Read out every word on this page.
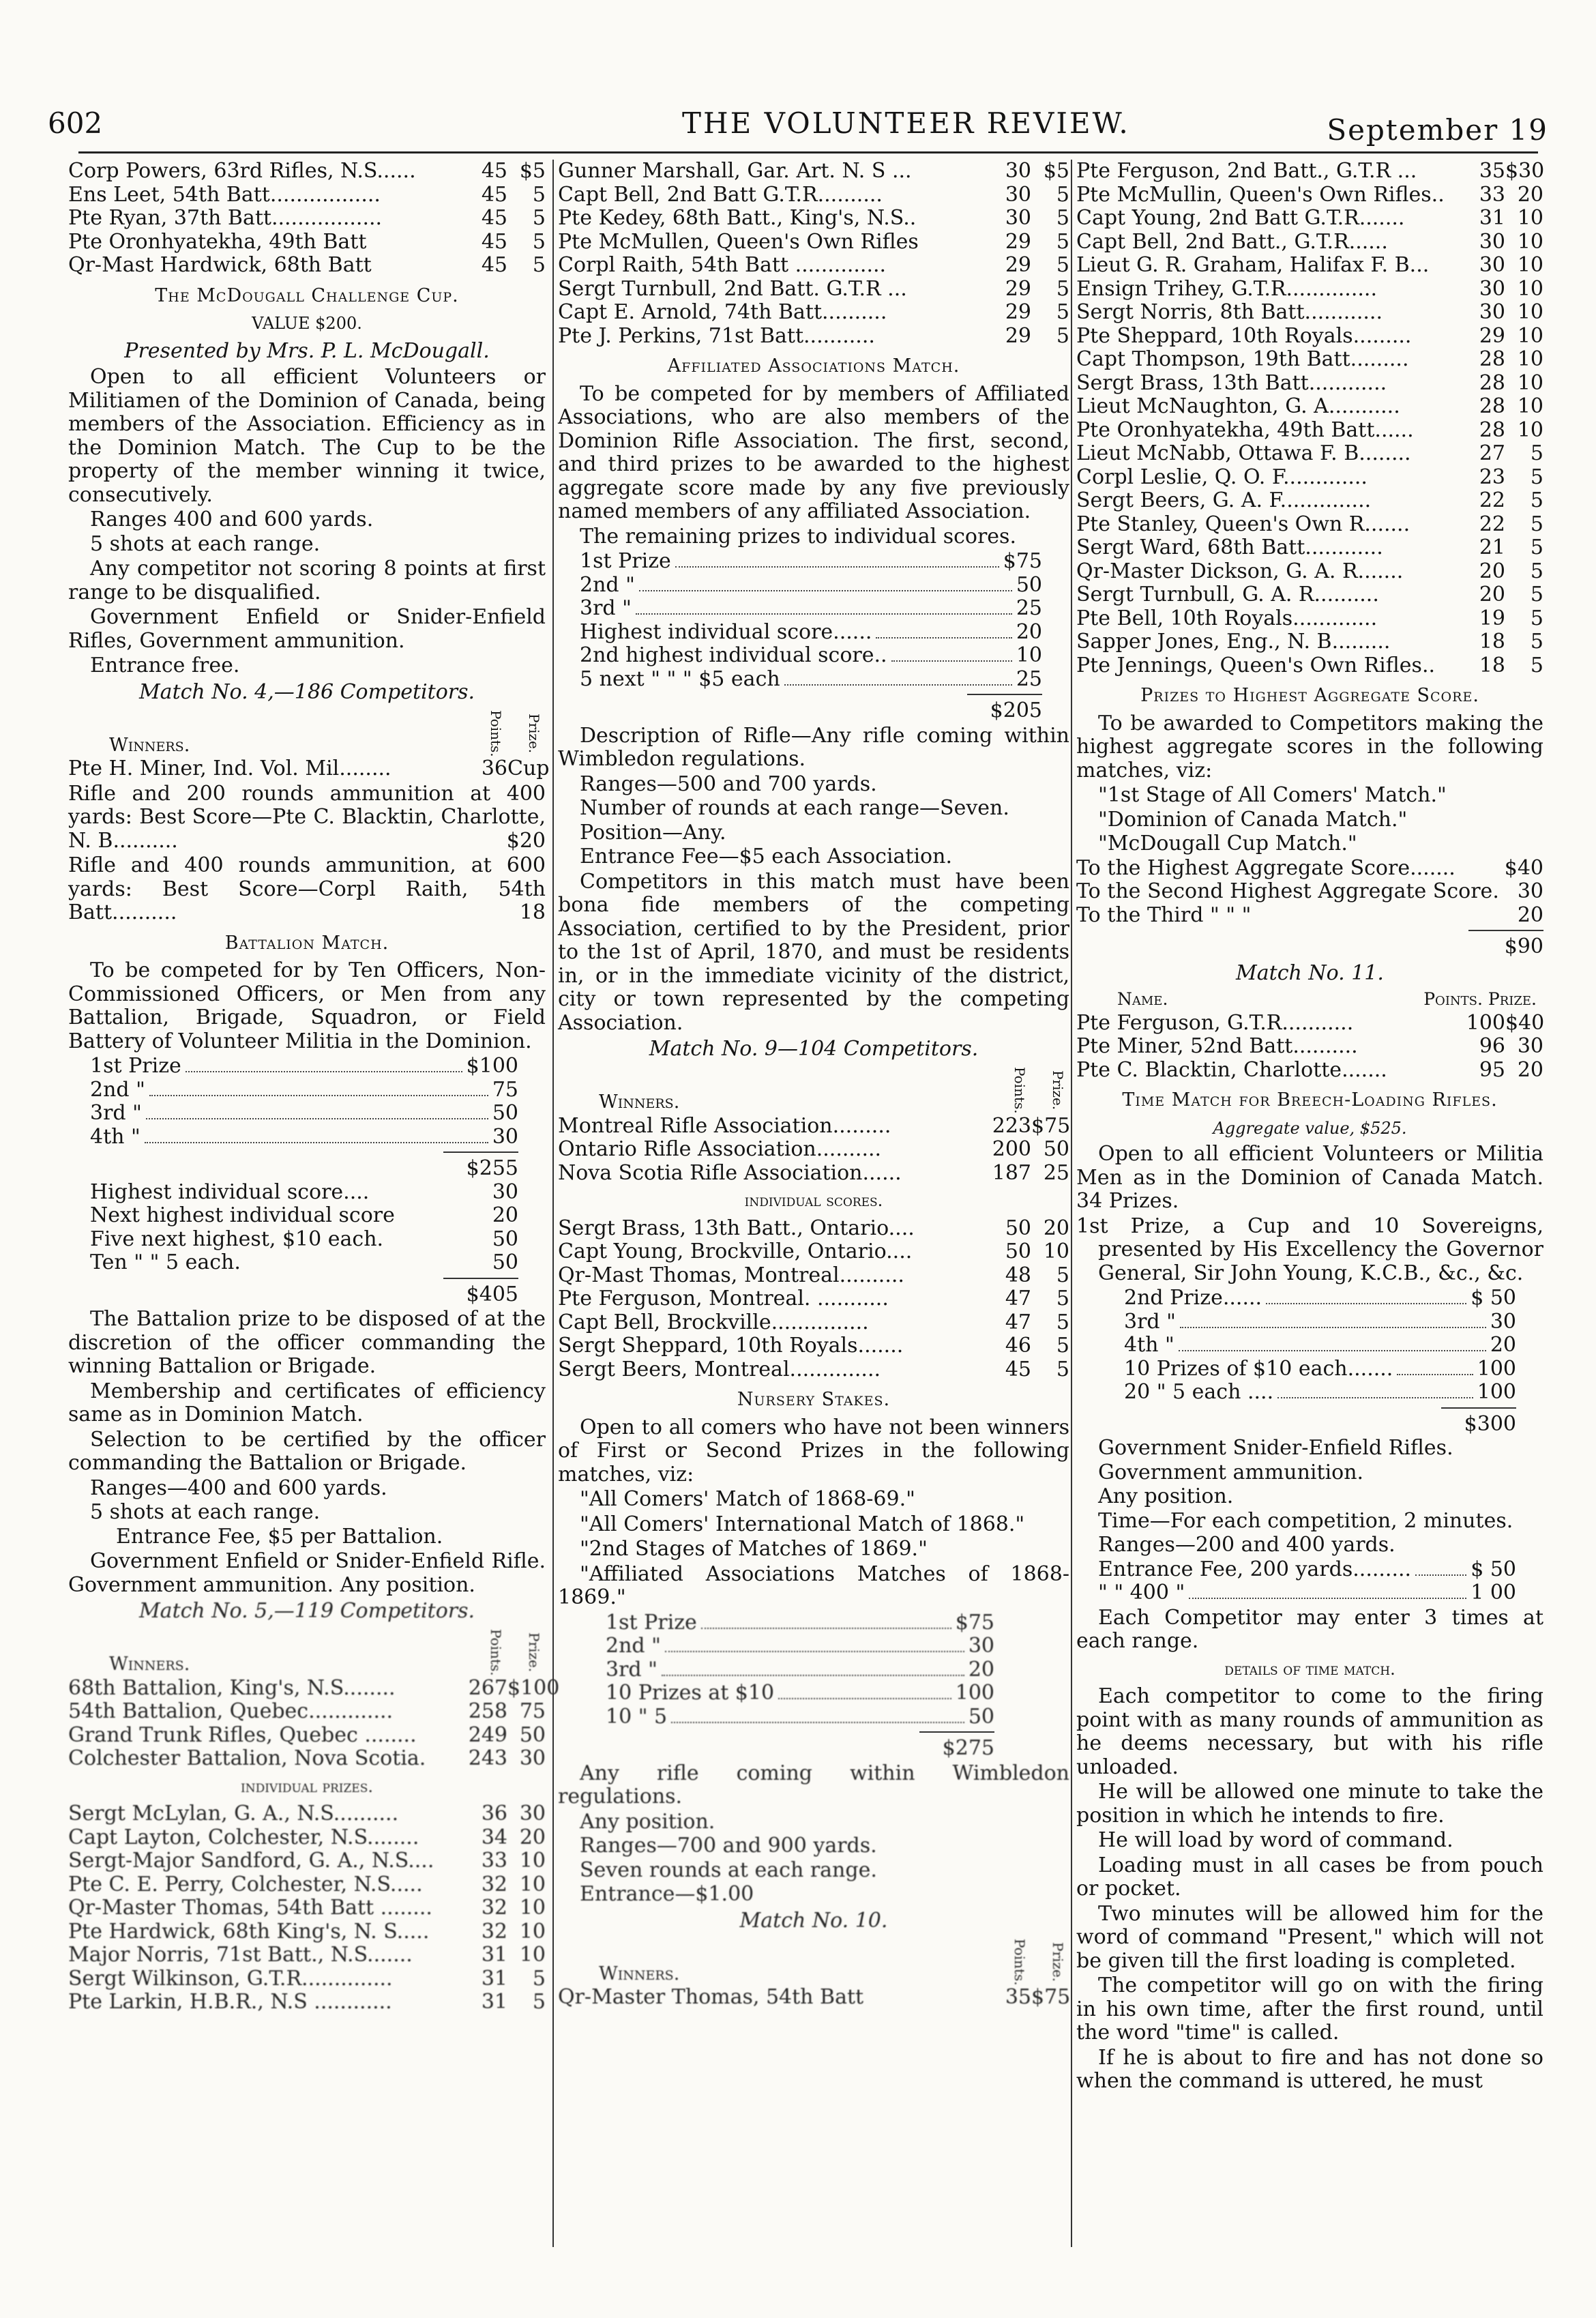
602	THE VOLUNTEER REVIEW.	September 19
Corp Powers, 63rd Rifles, N.S......	45 $5
Ens Leet, 54th Batt.................	45	5
Pte Ryan, 37th Batt.................	45	5
Pte Oronhyatekha, 49th Batt	45	5
Qr-Mast Hardwick, 68th Batt	45	5
The McDougall Challenge Cup.
VALUE $200.
Presented by Mrs. P. L. McDougall.
Open to all efficient Volunteers or Militiamen of the Dominion of Canada, being members of the Association. Efficiency as in the Dominion Match. The Cup to be the property of the member winning it twice, consecutively.
Ranges 400 and 600 yards.
5 shots at each range.
Any competitor not scoring 8 points at first range to be disqualified.
Government Enfield or Snider-Enfield Rifles, Government ammunition.
Entrance free.
Match No. 4,—186 Competitors.
Winners.	Points.	Prize.
Pte H. Miner, Ind. Vol. Mil........	36 Cup
Rifle and 200 rounds ammunition at 400 yards: Best Score—Pte C. Blacktin, Charlotte, N. B..........	$20
Rifle and 400 rounds ammunition, at 600 yards: Best Score—Corpl Raith, 54th Batt..........	18
Battalion Match.
To be competed for by Ten Officers, Non-Commissioned Officers, or Men from any Battalion, Brigade, Squadron, or Field Battery of Volunteer Militia in the Dominion.
1st Prize	$100
2nd "	75
3rd "	50
4th "	30
$255
Highest individual score....	30
Next highest individual score	20
Five next highest, $10 each.	50
Ten " " 5 each.	50
$405
The Battalion prize to be disposed of at the discretion of the officer commanding the winning Battalion or Brigade.
Membership and certificates of efficiency same as in Dominion Match.
Selection to be certified by the officer commanding the Battalion or Brigade.
Ranges—400 and 600 yards.
5 shots at each range.
Entrance Fee, $5 per Battalion.
Government Enfield or Snider-Enfield Rifle. Government ammunition. Any position.
Match No. 5,—119 Competitors.
Winners.	Points.	Prize.
68th Battalion, King's, N.S........	267 $100
54th Battalion, Quebec.............	258 75
Grand Trunk Rifles, Quebec ........	249 50
Colchester Battalion, Nova Scotia.	243 30
individual prizes.
Sergt McLylan, G. A., N.S..........	36 30
Capt Layton, Colchester, N.S........	34 20
Sergt-Major Sandford, G. A., N.S....	33 10
Pte C. E. Perry, Colchester, N.S.....	32 10
Qr-Master Thomas, 54th Batt ........	32 10
Pte Hardwick, 68th King's, N. S.....	32 10
Major Norris, 71st Batt., N.S.......	31 10
Sergt Wilkinson, G.T.R..............	31	5
Pte Larkin, H.B.R., N.S ............	31	5
Gunner Marshall, Gar. Art. N. S ...	30 $5
Capt Bell, 2nd Batt G.T.R..........	30	5
Pte Kedey, 68th Batt., King's, N.S..	30	5
Pte McMullen, Queen's Own Rifles	29	5
Corpl Raith, 54th Batt ..............	29	5
Sergt Turnbull, 2nd Batt. G.T.R ...	29	5
Capt E. Arnold, 74th Batt..........	29	5
Pte J. Perkins, 71st Batt...........	29	5
Affiliated Associations Match.
To be competed for by members of Affiliated Associations, who are also members of the Dominion Rifle Association. The first, second, and third prizes to be awarded to the highest aggregate score made by any five previously named members of any affiliated Association.
The remaining prizes to individual scores.
1st Prize	$75
2nd "	50
3rd "	25
Highest individual score......	20
2nd highest individual score..	10
5 next " " " $5 each	25
$205
Description of Rifle—Any rifle coming within Wimbledon regulations.
Ranges—500 and 700 yards.
Number of rounds at each range—Seven.
Position—Any.
Entrance Fee—$5 each Association.
Competitors in this match must have been bona fide members of the competing Association, certified to by the President, prior to the 1st of April, 1870, and must be residents in, or in the immediate vicinity of the district, city or town represented by the competing Association.
Match No. 9—104 Competitors.
Winners.	Points.	Prize.
Montreal Rifle Association.........	223 $75
Ontario Rifle Association..........	200 50
Nova Scotia Rifle Association......	187 25
individual scores.
Sergt Brass, 13th Batt., Ontario....	50 20
Capt Young, Brockville, Ontario....	50 10
Qr-Mast Thomas, Montreal..........	48	5
Pte Ferguson, Montreal. ...........	47	5
Capt Bell, Brockville...............	47	5
Sergt Sheppard, 10th Royals.......	46	5
Sergt Beers, Montreal..............	45	5
Nursery Stakes.
Open to all comers who have not been winners of First or Second Prizes in the following matches, viz:
"All Comers' Match of 1868-69."
"All Comers' International Match of 1868."
"2nd Stages of Matches of 1869."
"Affiliated Associations Matches of 1868-1869."
1st Prize	$75
2nd "	30
3rd "	20
10 Prizes at $10	100
10 " 5	50
$275
Any rifle coming within Wimbledon regulations.
Any position.
Ranges—700 and 900 yards.
Seven rounds at each range.
Entrance—$1.00
Match No. 10.
Winners.	Points.	Prize.
Qr-Master Thomas, 54th Batt	35 $75
Pte Ferguson, 2nd Batt., G.T.R ...	35 $30
Pte McMullin, Queen's Own Rifles..	33 20
Capt Young, 2nd Batt G.T.R.......	31 10
Capt Bell, 2nd Batt., G.T.R......	30 10
Lieut G. R. Graham, Halifax F. B...	30 10
Ensign Trihey, G.T.R..............	30 10
Sergt Norris, 8th Batt............	30 10
Pte Sheppard, 10th Royals.........	29 10
Capt Thompson, 19th Batt.........	28 10
Sergt Brass, 13th Batt............	28 10
Lieut McNaughton, G. A...........	28 10
Pte Oronhyatekha, 49th Batt......	28 10
Lieut McNabb, Ottawa F. B........	27	5
Corpl Leslie, Q. O. F.............	23	5
Sergt Beers, G. A. F..............	22	5
Pte Stanley, Queen's Own R.......	22	5
Sergt Ward, 68th Batt............	21	5
Qr-Master Dickson, G. A. R.......	20	5
Sergt Turnbull, G. A. R..........	20	5
Pte Bell, 10th Royals.............	19	5
Sapper Jones, Eng., N. B.........	18	5
Pte Jennings, Queen's Own Rifles..	18	5
Prizes to Highest Aggregate Score.
To be awarded to Competitors making the highest aggregate scores in the following matches, viz:
"1st Stage of All Comers' Match."
"Dominion of Canada Match."
"McDougall Cup Match."
To the Highest Aggregate Score....... $40
To the Second Highest Aggregate Score. 30
To the Third " " "	20
$90
Match No. 11.
Name.	Points. Prize.
Pte Ferguson, G.T.R...........	100 $40
Pte Miner, 52nd Batt..........	96 30
Pte C. Blacktin, Charlotte.......	95 20
Time Match for Breech-Loading Rifles.
Aggregate value, $525.
Open to all efficient Volunteers or Militia Men as in the Dominion of Canada Match. 34 Prizes.
1st Prize, a Cup and 10 Sovereigns, presented by His Excellency the Governor General, Sir John Young, K.C.B., &c., &c.
2nd Prize......	$ 50
3rd "	30
4th "	20
10 Prizes of $10 each.......	100
20 " 5 each ....	100
$300
Government Snider-Enfield Rifles.
Government ammunition.
Any position.
Time—For each competition, 2 minutes.
Ranges—200 and 400 yards.
Entrance Fee, 200 yards.........	$ 50
" " 400 "	1 00
Each Competitor may enter 3 times at each range.
details of time match.
Each competitor to come to the firing point with as many rounds of ammunition as he deems necessary, but with his rifle unloaded.
He will be allowed one minute to take the position in which he intends to fire.
He will load by word of command.
Loading must in all cases be from pouch or pocket.
Two minutes will be allowed him for the word of command "Present," which will not be given till the first loading is completed.
The competitor will go on with the firing in his own time, after the first round, until the word "time" is called.
If he is about to fire and has not done so when the command is uttered, he must
